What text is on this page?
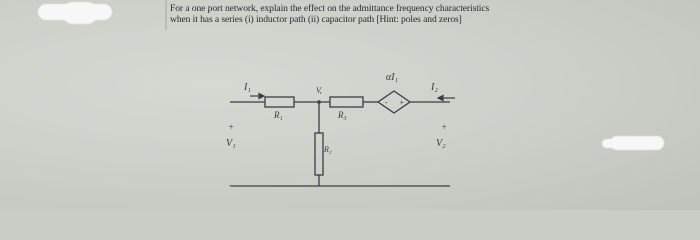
For a one port network, explain the effect on the admittance frequency characteristics
when it has a series (i) inductor path (ii) capacitor path [Hint: poles and zeros]
I₁	V,
αI₁
I₂
R₁	R₃
R₂
V₁	V₂
+
-
+
-
- +
